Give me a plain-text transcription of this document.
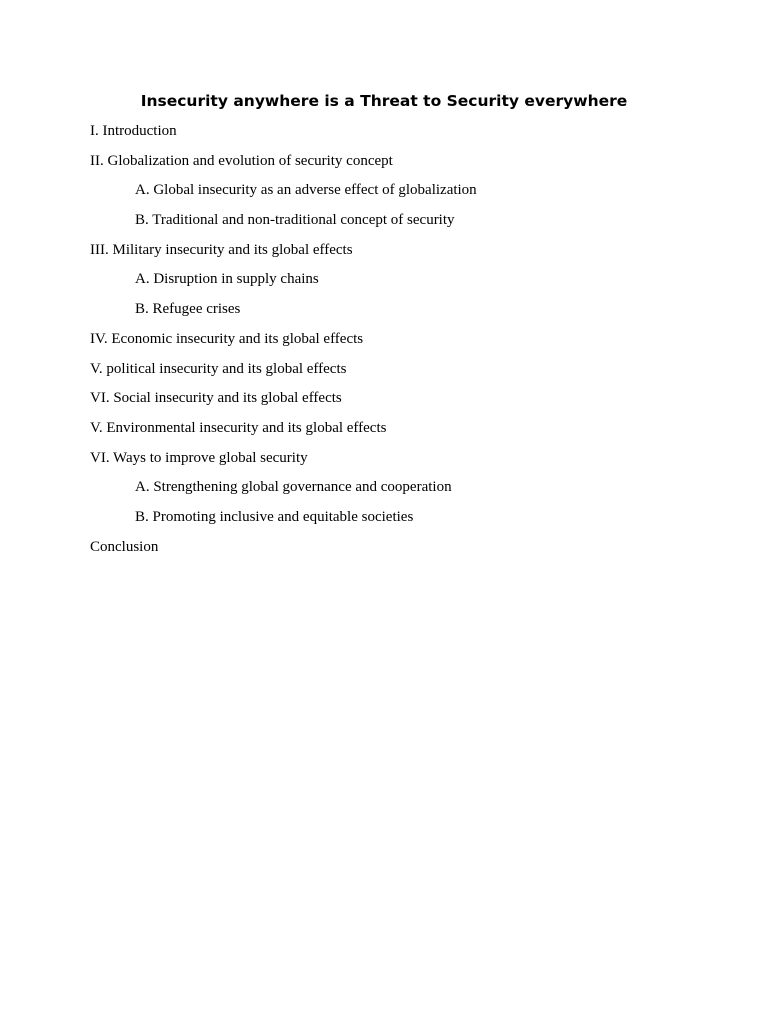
Insecurity anywhere is a Threat to Security everywhere
I. Introduction
II. Globalization and evolution of security concept
A. Global insecurity as an adverse effect of globalization
B. Traditional and non-traditional concept of security
III. Military insecurity and its global effects
A. Disruption in supply chains
B. Refugee crises
IV. Economic insecurity and its global effects
V. political insecurity and its global effects
VI. Social insecurity and its global effects
V. Environmental insecurity and its global effects
VI. Ways to improve global security
A. Strengthening global governance and cooperation
B. Promoting inclusive and equitable societies
Conclusion
